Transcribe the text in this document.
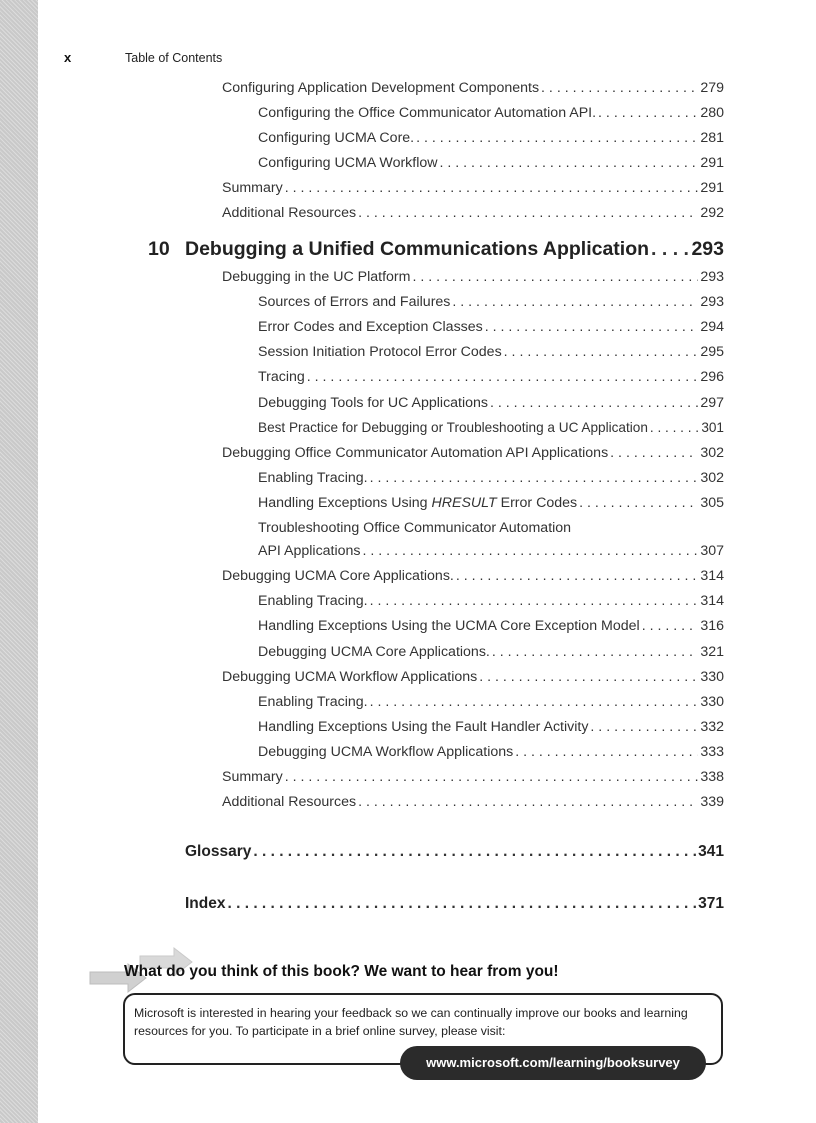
x	Table of Contents
Configuring Application Development Components . . .	279
Configuring the Office Communicator Automation API. . . .	280
Configuring UCMA Core. . . .	281
Configuring UCMA Workflow . . .	291
Summary . . .	291
Additional Resources . . .	292
10 Debugging a Unified Communications Application . . . 293
Debugging in the UC Platform . . .	293
Sources of Errors and Failures . . .	293
Error Codes and Exception Classes . . .	294
Session Initiation Protocol Error Codes . . .	295
Tracing . . .	296
Debugging Tools for UC Applications . . .	297
Best Practice for Debugging or Troubleshooting a UC Application . . .	301
Debugging Office Communicator Automation API Applications . . .	302
Enabling Tracing. . . .	302
Handling Exceptions Using HRESULT Error Codes . . .	305
Troubleshooting Office Communicator Automation
API Applications . . .	307
Debugging UCMA Core Applications. . . .	314
Enabling Tracing. . . .	314
Handling Exceptions Using the UCMA Core Exception Model . . .	316
Debugging UCMA Core Applications. . . .	321
Debugging UCMA Workflow Applications . . .	330
Enabling Tracing. . . .	330
Handling Exceptions Using the Fault Handler Activity . . .	332
Debugging UCMA Workflow Applications . . .	333
Summary . . .	338
Additional Resources . . .	339
Glossary . . .	341
Index . . .	371
What do you think of this book? We want to hear from you!
Microsoft is interested in hearing your feedback so we can continually improve our books and learning resources for you. To participate in a brief online survey, please visit:
www.microsoft.com/learning/booksurvey
